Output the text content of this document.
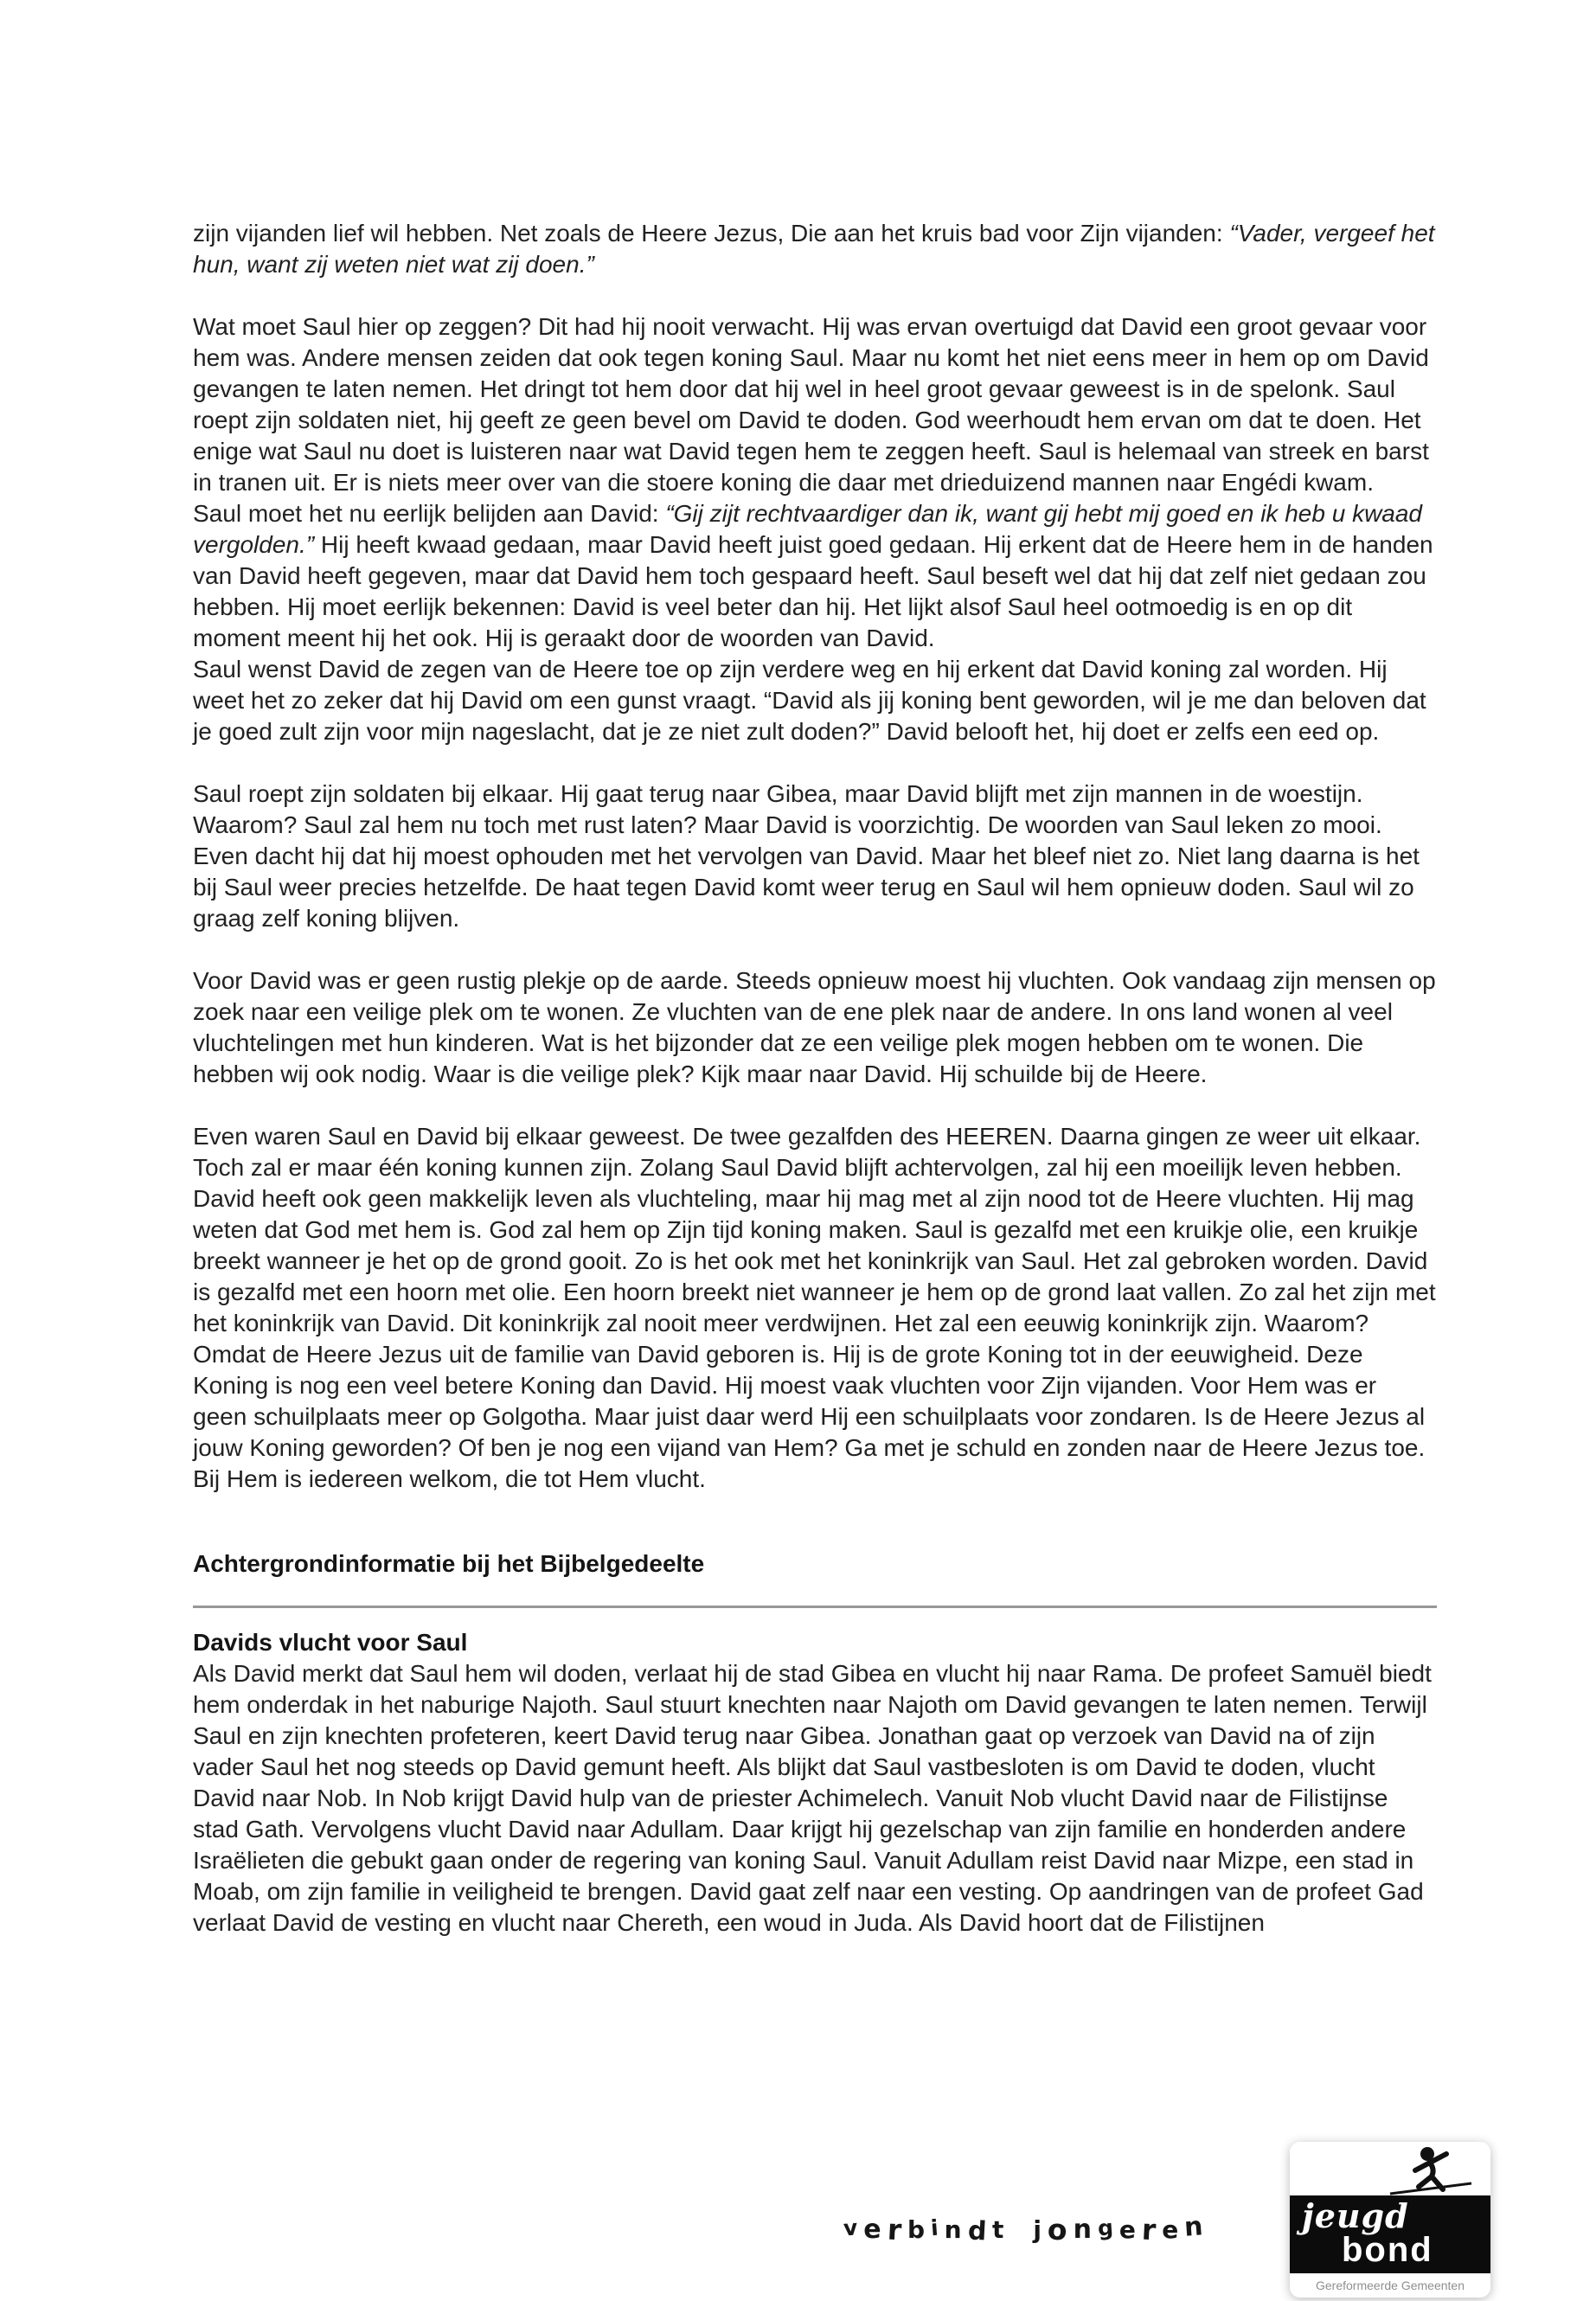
zijn vijanden lief wil hebben. Net zoals de Heere Jezus, Die aan het kruis bad voor Zijn vijanden: “Vader, vergeef het hun, want zij weten niet wat zij doen.”

Wat moet Saul hier op zeggen? Dit had hij nooit verwacht. Hij was ervan overtuigd dat David een groot gevaar voor hem was. Andere mensen zeiden dat ook tegen koning Saul. Maar nu komt het niet eens meer in hem op om David gevangen te laten nemen. Het dringt tot hem door dat hij wel in heel groot gevaar geweest is in de spelonk. Saul roept zijn soldaten niet, hij geeft ze geen bevel om David te doden. God weerhoudt hem ervan om dat te doen. Het enige wat Saul nu doet is luisteren naar wat David tegen hem te zeggen heeft. Saul is helemaal van streek en barst in tranen uit. Er is niets meer over van die stoere koning die daar met drieduizend mannen naar Engédi kwam.

Saul moet het nu eerlijk belijden aan David: “Gij zijt rechtvaardiger dan ik, want gij hebt mij goed en ik heb u kwaad vergolden.” Hij heeft kwaad gedaan, maar David heeft juist goed gedaan. Hij erkent dat de Heere hem in de handen van David heeft gegeven, maar dat David hem toch gespaard heeft. Saul beseft wel dat hij dat zelf niet gedaan zou hebben. Hij moet eerlijk bekennen: David is veel beter dan hij. Het lijkt alsof Saul heel ootmoedig is en op dit moment meent hij het ook. Hij is geraakt door de woorden van David.

Saul wenst David de zegen van de Heere toe op zijn verdere weg en hij erkent dat David koning zal worden. Hij weet het zo zeker dat hij David om een gunst vraagt. “David als jij koning bent geworden, wil je me dan beloven dat je goed zult zijn voor mijn nageslacht, dat je ze niet zult doden?” David belooft het, hij doet er zelfs een eed op.

Saul roept zijn soldaten bij elkaar. Hij gaat terug naar Gibea, maar David blijft met zijn mannen in de woestijn. Waarom? Saul zal hem nu toch met rust laten? Maar David is voorzichtig. De woorden van Saul leken zo mooi. Even dacht hij dat hij moest ophouden met het vervolgen van David. Maar het bleef niet zo. Niet lang daarna is het bij Saul weer precies hetzelfde. De haat tegen David komt weer terug en Saul wil hem opnieuw doden. Saul wil zo graag zelf koning blijven.

Voor David was er geen rustig plekje op de aarde. Steeds opnieuw moest hij vluchten. Ook vandaag zijn mensen op zoek naar een veilige plek om te wonen. Ze vluchten van de ene plek naar de andere. In ons land wonen al veel vluchtelingen met hun kinderen. Wat is het bijzonder dat ze een veilige plek mogen hebben om te wonen. Die hebben wij ook nodig. Waar is die veilige plek? Kijk maar naar David. Hij schuilde bij de Heere.

Even waren Saul en David bij elkaar geweest. De twee gezalfden des HEEREN. Daarna gingen ze weer uit elkaar. Toch zal er maar één koning kunnen zijn. Zolang Saul David blijft achtervolgen, zal hij een moeilijk leven hebben. David heeft ook geen makkelijk leven als vluchteling, maar hij mag met al zijn nood tot de Heere vluchten. Hij mag weten dat God met hem is. God zal hem op Zijn tijd koning maken. Saul is gezalfd met een kruikje olie, een kruikje breekt wanneer je het op de grond gooit. Zo is het ook met het koninkrijk van Saul. Het zal gebroken worden. David is gezalfd met een hoorn met olie. Een hoorn breekt niet wanneer je hem op de grond laat vallen. Zo zal het zijn met het koninkrijk van David. Dit koninkrijk zal nooit meer verdwijnen. Het zal een eeuwig koninkrijk zijn. Waarom? Omdat de Heere Jezus uit de familie van David geboren is. Hij is de grote Koning tot in der eeuwigheid. Deze Koning is nog een veel betere Koning dan David. Hij moest vaak vluchten voor Zijn vijanden. Voor Hem was er geen schuilplaats meer op Golgotha. Maar juist daar werd Hij een schuilplaats voor zondaren. Is de Heere Jezus al jouw Koning geworden? Of ben je nog een vijand van Hem? Ga met je schuld en zonden naar de Heere Jezus toe. Bij Hem is iedereen welkom, die tot Hem vlucht.

Achtergrondinformatie bij het Bijbelgedeelte
Davids vlucht voor Saul

Als David merkt dat Saul hem wil doden, verlaat hij de stad Gibea en vlucht hij naar Rama. De profeet Samuël biedt hem onderdak in het naburige Najoth. Saul stuurt knechten naar Najoth om David gevangen te laten nemen. Terwijl Saul en zijn knechten profeteren, keert David terug naar Gibea. Jonathan gaat op verzoek van David na of zijn vader Saul het nog steeds op David gemunt heeft. Als blijkt dat Saul vastbesloten is om David te doden, vlucht David naar Nob. In Nob krijgt David hulp van de priester Achimelech. Vanuit Nob vlucht David naar de Filistijnse stad Gath. Vervolgens vlucht David naar Adullam. Daar krijgt hij gezelschap van zijn familie en honderden andere Israëlieten die gebukt gaan onder de regering van koning Saul. Vanuit Adullam reist David naar Mizpe, een stad in Moab, om zijn familie in veiligheid te brengen. David gaat zelf naar een vesting. Op aandringen van de profeet Gad verlaat David de vesting en vlucht naar Chereth, een woud in Juda. Als David hoort dat de Filistijnen

v e r b i n d t j o n g e r e n	jeugd
bond
Gereformeerde Gemeenten
